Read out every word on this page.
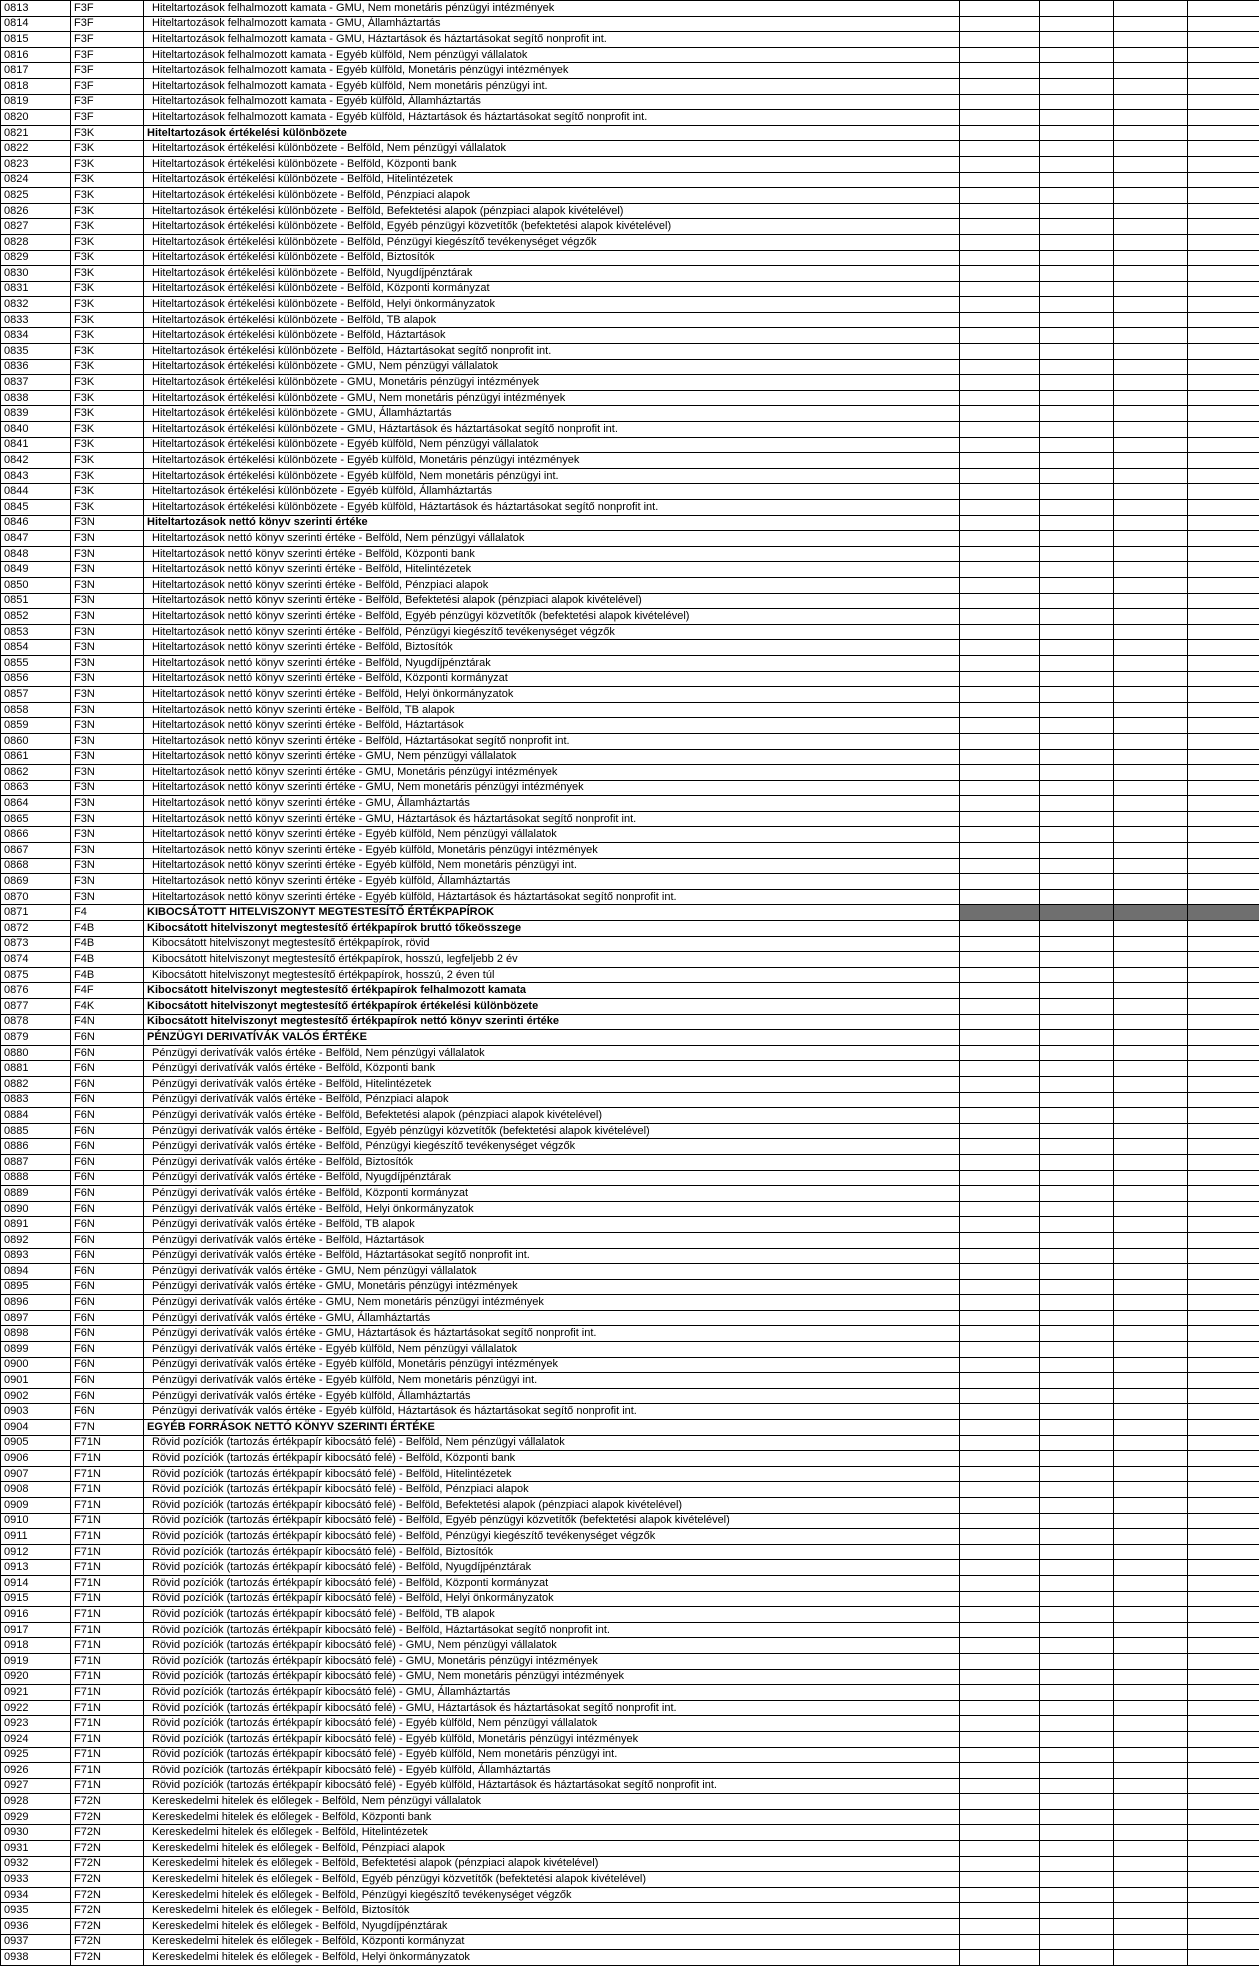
0813	F3F	Hiteltartozások felhalmozott kamata - GMU, Nem monetáris pénzügyi intézmények				
0814	F3F	Hiteltartozások felhalmozott kamata - GMU, Államháztartás				
0815	F3F	Hiteltartozások felhalmozott kamata - GMU, Háztartások és háztartásokat segítő nonprofit int.				
0816	F3F	Hiteltartozások felhalmozott kamata - Egyéb külföld, Nem pénzügyi vállalatok				
0817	F3F	Hiteltartozások felhalmozott kamata - Egyéb külföld, Monetáris pénzügyi intézmények				
0818	F3F	Hiteltartozások felhalmozott kamata - Egyéb külföld, Nem monetáris pénzügyi int.				
0819	F3F	Hiteltartozások felhalmozott kamata - Egyéb külföld, Államháztartás				
0820	F3F	Hiteltartozások felhalmozott kamata - Egyéb külföld, Háztartások és háztartásokat segítő nonprofit int.				
0821	F3K	Hiteltartozások értékelési különbözete				
0822	F3K	Hiteltartozások értékelési különbözete - Belföld, Nem pénzügyi vállalatok				
0823	F3K	Hiteltartozások értékelési különbözete - Belföld, Központi bank				
0824	F3K	Hiteltartozások értékelési különbözete - Belföld, Hitelintézetek				
0825	F3K	Hiteltartozások értékelési különbözete - Belföld, Pénzpiaci alapok				
0826	F3K	Hiteltartozások értékelési különbözete - Belföld, Befektetési alapok (pénzpiaci alapok kivételével)				
0827	F3K	Hiteltartozások értékelési különbözete - Belföld, Egyéb pénzügyi közvetítők (befektetési alapok kivételével)				
0828	F3K	Hiteltartozások értékelési különbözete - Belföld, Pénzügyi kiegészítő tevékenységet végzők				
0829	F3K	Hiteltartozások értékelési különbözete - Belföld, Biztosítók				
0830	F3K	Hiteltartozások értékelési különbözete - Belföld, Nyugdíjpénztárak				
0831	F3K	Hiteltartozások értékelési különbözete - Belföld, Központi kormányzat				
0832	F3K	Hiteltartozások értékelési különbözete - Belföld, Helyi önkormányzatok				
0833	F3K	Hiteltartozások értékelési különbözete - Belföld, TB alapok				
0834	F3K	Hiteltartozások értékelési különbözete - Belföld, Háztartások				
0835	F3K	Hiteltartozások értékelési különbözete - Belföld, Háztartásokat segítő nonprofit int.				
0836	F3K	Hiteltartozások értékelési különbözete - GMU, Nem pénzügyi vállalatok				
0837	F3K	Hiteltartozások értékelési különbözete - GMU, Monetáris pénzügyi intézmények				
0838	F3K	Hiteltartozások értékelési különbözete - GMU, Nem monetáris pénzügyi intézmények				
0839	F3K	Hiteltartozások értékelési különbözete - GMU, Államháztartás				
0840	F3K	Hiteltartozások értékelési különbözete - GMU, Háztartások és háztartásokat segítő nonprofit int.				
0841	F3K	Hiteltartozások értékelési különbözete - Egyéb külföld, Nem pénzügyi vállalatok				
0842	F3K	Hiteltartozások értékelési különbözete - Egyéb külföld, Monetáris pénzügyi intézmények				
0843	F3K	Hiteltartozások értékelési különbözete - Egyéb külföld, Nem monetáris pénzügyi int.				
0844	F3K	Hiteltartozások értékelési különbözete - Egyéb külföld, Államháztartás				
0845	F3K	Hiteltartozások értékelési különbözete - Egyéb külföld, Háztartások és háztartásokat segítő nonprofit int.				
0846	F3N	Hiteltartozások nettó könyv szerinti értéke				
0847	F3N	Hiteltartozások nettó könyv szerinti értéke - Belföld, Nem pénzügyi vállalatok				
0848	F3N	Hiteltartozások nettó könyv szerinti értéke - Belföld, Központi bank				
0849	F3N	Hiteltartozások nettó könyv szerinti értéke - Belföld, Hitelintézetek				
0850	F3N	Hiteltartozások nettó könyv szerinti értéke - Belföld, Pénzpiaci alapok				
0851	F3N	Hiteltartozások nettó könyv szerinti értéke - Belföld, Befektetési alapok (pénzpiaci alapok kivételével)				
0852	F3N	Hiteltartozások nettó könyv szerinti értéke - Belföld, Egyéb pénzügyi közvetítők (befektetési alapok kivételével)				
0853	F3N	Hiteltartozások nettó könyv szerinti értéke - Belföld, Pénzügyi kiegészítő tevékenységet végzők				
0854	F3N	Hiteltartozások nettó könyv szerinti értéke - Belföld, Biztosítók				
0855	F3N	Hiteltartozások nettó könyv szerinti értéke - Belföld, Nyugdíjpénztárak				
0856	F3N	Hiteltartozások nettó könyv szerinti értéke - Belföld, Központi kormányzat				
0857	F3N	Hiteltartozások nettó könyv szerinti értéke - Belföld, Helyi önkormányzatok				
0858	F3N	Hiteltartozások nettó könyv szerinti értéke - Belföld, TB alapok				
0859	F3N	Hiteltartozások nettó könyv szerinti értéke - Belföld, Háztartások				
0860	F3N	Hiteltartozások nettó könyv szerinti értéke - Belföld, Háztartásokat segítő nonprofit int.				
0861	F3N	Hiteltartozások nettó könyv szerinti értéke - GMU, Nem pénzügyi vállalatok				
0862	F3N	Hiteltartozások nettó könyv szerinti értéke - GMU, Monetáris pénzügyi intézmények				
0863	F3N	Hiteltartozások nettó könyv szerinti értéke - GMU, Nem monetáris pénzügyi intézmények				
0864	F3N	Hiteltartozások nettó könyv szerinti értéke - GMU, Államháztartás				
0865	F3N	Hiteltartozások nettó könyv szerinti értéke - GMU, Háztartások és háztartásokat segítő nonprofit int.				
0866	F3N	Hiteltartozások nettó könyv szerinti értéke - Egyéb külföld, Nem pénzügyi vállalatok				
0867	F3N	Hiteltartozások nettó könyv szerinti értéke - Egyéb külföld, Monetáris pénzügyi intézmények				
0868	F3N	Hiteltartozások nettó könyv szerinti értéke - Egyéb külföld, Nem monetáris pénzügyi int.				
0869	F3N	Hiteltartozások nettó könyv szerinti értéke - Egyéb külföld, Államháztartás				
0870	F3N	Hiteltartozások nettó könyv szerinti értéke - Egyéb külföld, Háztartások és háztartásokat segítő nonprofit int.				
0871	F4	KIBOCSÁTOTT HITELVISZONYT MEGTESTESÍTŐ ÉRTÉKPAPÍROK				
0872	F4B	Kibocsátott hitelviszonyt megtestesítő értékpapírok bruttó tőkeösszege				
0873	F4B	Kibocsátott hitelviszonyt megtestesítő értékpapírok, rövid				
0874	F4B	Kibocsátott hitelviszonyt megtestesítő értékpapírok, hosszú, legfeljebb 2 év				
0875	F4B	Kibocsátott hitelviszonyt megtestesítő értékpapírok, hosszú, 2 éven túl				
0876	F4F	Kibocsátott hitelviszonyt megtestesítő értékpapírok felhalmozott kamata				
0877	F4K	Kibocsátott hitelviszonyt megtestesítő értékpapírok értékelési különbözete				
0878	F4N	Kibocsátott hitelviszonyt megtestesítő értékpapírok nettó könyv szerinti értéke				
0879	F6N	PÉNZÜGYI DERIVATÍVÁK VALÓS ÉRTÉKE				
0880	F6N	Pénzügyi derivatívák valós értéke - Belföld, Nem pénzügyi vállalatok				
0881	F6N	Pénzügyi derivatívák valós értéke - Belföld, Központi bank				
0882	F6N	Pénzügyi derivatívák valós értéke - Belföld, Hitelintézetek				
0883	F6N	Pénzügyi derivatívák valós értéke - Belföld, Pénzpiaci alapok				
0884	F6N	Pénzügyi derivatívák valós értéke - Belföld, Befektetési alapok (pénzpiaci alapok kivételével)				
0885	F6N	Pénzügyi derivatívák valós értéke - Belföld, Egyéb pénzügyi közvetítők (befektetési alapok kivételével)				
0886	F6N	Pénzügyi derivatívák valós értéke - Belföld, Pénzügyi kiegészítő tevékenységet végzők				
0887	F6N	Pénzügyi derivatívák valós értéke - Belföld, Biztosítók				
0888	F6N	Pénzügyi derivatívák valós értéke - Belföld, Nyugdíjpénztárak				
0889	F6N	Pénzügyi derivatívák valós értéke - Belföld, Központi kormányzat				
0890	F6N	Pénzügyi derivatívák valós értéke - Belföld, Helyi önkormányzatok				
0891	F6N	Pénzügyi derivatívák valós értéke - Belföld, TB alapok				
0892	F6N	Pénzügyi derivatívák valós értéke - Belföld, Háztartások				
0893	F6N	Pénzügyi derivatívák valós értéke - Belföld, Háztartásokat segítő nonprofit int.				
0894	F6N	Pénzügyi derivatívák valós értéke - GMU, Nem pénzügyi vállalatok				
0895	F6N	Pénzügyi derivatívák valós értéke - GMU, Monetáris pénzügyi intézmények				
0896	F6N	Pénzügyi derivatívák valós értéke - GMU, Nem monetáris pénzügyi intézmények				
0897	F6N	Pénzügyi derivatívák valós értéke - GMU, Államháztartás				
0898	F6N	Pénzügyi derivatívák valós értéke - GMU, Háztartások és háztartásokat segítő nonprofit int.				
0899	F6N	Pénzügyi derivatívák valós értéke - Egyéb külföld, Nem pénzügyi vállalatok				
0900	F6N	Pénzügyi derivatívák valós értéke - Egyéb külföld, Monetáris pénzügyi intézmények				
0901	F6N	Pénzügyi derivatívák valós értéke - Egyéb külföld, Nem monetáris pénzügyi int.				
0902	F6N	Pénzügyi derivatívák valós értéke - Egyéb külföld, Államháztartás				
0903	F6N	Pénzügyi derivatívák valós értéke - Egyéb külföld, Háztartások és háztartásokat segítő nonprofit int.				
0904	F7N	EGYÉB FORRÁSOK NETTÓ KÖNYV SZERINTI ÉRTÉKE				
0905	F71N	Rövid pozíciók (tartozás értékpapír kibocsátó felé) - Belföld, Nem pénzügyi vállalatok				
0906	F71N	Rövid pozíciók (tartozás értékpapír kibocsátó felé) - Belföld, Központi bank				
0907	F71N	Rövid pozíciók (tartozás értékpapír kibocsátó felé) - Belföld, Hitelintézetek				
0908	F71N	Rövid pozíciók (tartozás értékpapír kibocsátó felé) - Belföld, Pénzpiaci alapok				
0909	F71N	Rövid pozíciók (tartozás értékpapír kibocsátó felé) - Belföld, Befektetési alapok (pénzpiaci alapok kivételével)				
0910	F71N	Rövid pozíciók (tartozás értékpapír kibocsátó felé) - Belföld, Egyéb pénzügyi közvetítők (befektetési alapok kivételével)				
0911	F71N	Rövid pozíciók (tartozás értékpapír kibocsátó felé) - Belföld, Pénzügyi kiegészítő tevékenységet végzők				
0912	F71N	Rövid pozíciók (tartozás értékpapír kibocsátó felé) - Belföld, Biztosítók				
0913	F71N	Rövid pozíciók (tartozás értékpapír kibocsátó felé) - Belföld, Nyugdíjpénztárak				
0914	F71N	Rövid pozíciók (tartozás értékpapír kibocsátó felé) - Belföld, Központi kormányzat				
0915	F71N	Rövid pozíciók (tartozás értékpapír kibocsátó felé) - Belföld, Helyi önkormányzatok				
0916	F71N	Rövid pozíciók (tartozás értékpapír kibocsátó felé) - Belföld, TB alapok				
0917	F71N	Rövid pozíciók (tartozás értékpapír kibocsátó felé) - Belföld, Háztartásokat segítő nonprofit int.				
0918	F71N	Rövid pozíciók (tartozás értékpapír kibocsátó felé) - GMU, Nem pénzügyi vállalatok				
0919	F71N	Rövid pozíciók (tartozás értékpapír kibocsátó felé) - GMU, Monetáris pénzügyi intézmények				
0920	F71N	Rövid pozíciók (tartozás értékpapír kibocsátó felé) - GMU, Nem monetáris pénzügyi intézmények				
0921	F71N	Rövid pozíciók (tartozás értékpapír kibocsátó felé) - GMU, Államháztartás				
0922	F71N	Rövid pozíciók (tartozás értékpapír kibocsátó felé) - GMU, Háztartások és háztartásokat segítő nonprofit int.				
0923	F71N	Rövid pozíciók (tartozás értékpapír kibocsátó felé) - Egyéb külföld, Nem pénzügyi vállalatok				
0924	F71N	Rövid pozíciók (tartozás értékpapír kibocsátó felé) - Egyéb külföld, Monetáris pénzügyi intézmények				
0925	F71N	Rövid pozíciók (tartozás értékpapír kibocsátó felé) - Egyéb külföld, Nem monetáris pénzügyi int.				
0926	F71N	Rövid pozíciók (tartozás értékpapír kibocsátó felé) - Egyéb külföld, Államháztartás				
0927	F71N	Rövid pozíciók (tartozás értékpapír kibocsátó felé) - Egyéb külföld, Háztartások és háztartásokat segítő nonprofit int.				
0928	F72N	Kereskedelmi hitelek és előlegek - Belföld, Nem pénzügyi vállalatok				
0929	F72N	Kereskedelmi hitelek és előlegek - Belföld, Központi bank				
0930	F72N	Kereskedelmi hitelek és előlegek - Belföld, Hitelintézetek				
0931	F72N	Kereskedelmi hitelek és előlegek - Belföld, Pénzpiaci alapok				
0932	F72N	Kereskedelmi hitelek és előlegek - Belföld, Befektetési alapok (pénzpiaci alapok kivételével)				
0933	F72N	Kereskedelmi hitelek és előlegek - Belföld, Egyéb pénzügyi közvetítők (befektetési alapok kivételével)				
0934	F72N	Kereskedelmi hitelek és előlegek - Belföld, Pénzügyi kiegészítő tevékenységet végzők				
0935	F72N	Kereskedelmi hitelek és előlegek - Belföld, Biztosítók				
0936	F72N	Kereskedelmi hitelek és előlegek - Belföld, Nyugdíjpénztárak				
0937	F72N	Kereskedelmi hitelek és előlegek - Belföld, Központi kormányzat				
0938	F72N	Kereskedelmi hitelek és előlegek - Belföld, Helyi önkormányzatok				
